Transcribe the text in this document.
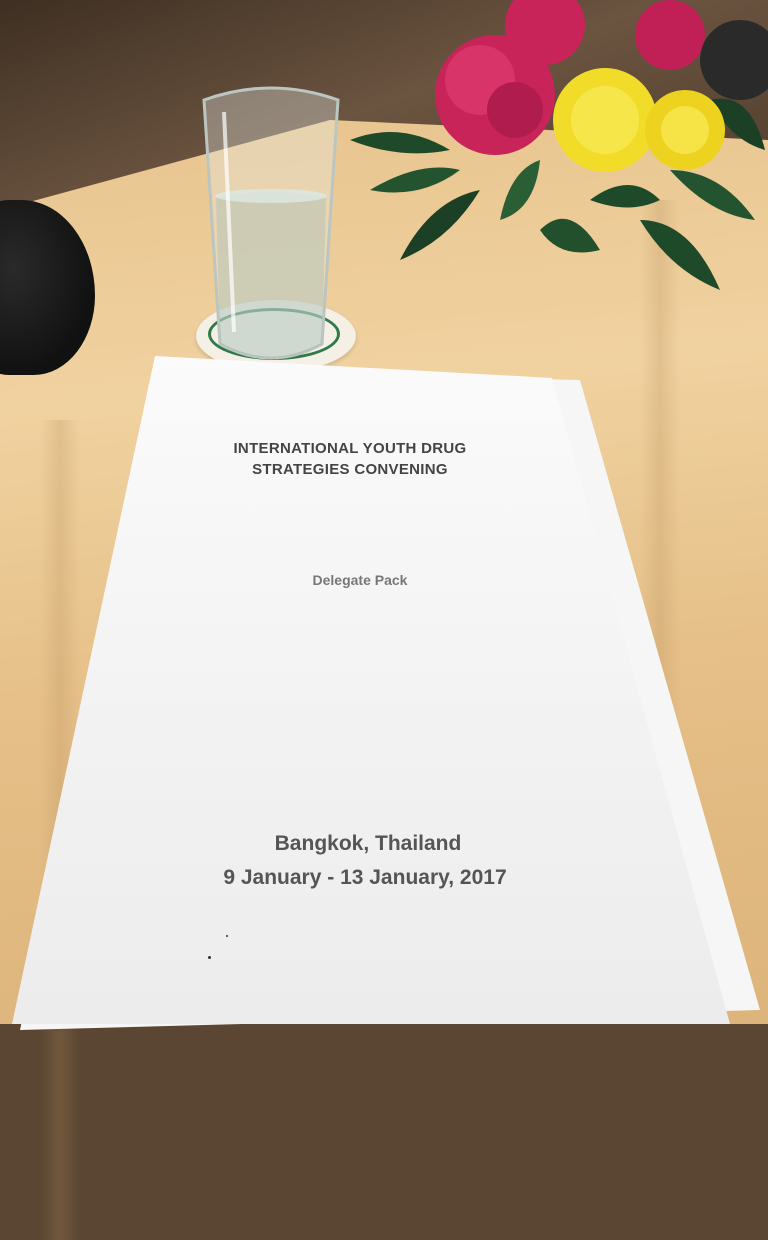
INTERNATIONAL YOUTH DRUG
STRATEGIES CONVENING
Delegate Pack
Bangkok, Thailand
9 January - 13 January, 2017
